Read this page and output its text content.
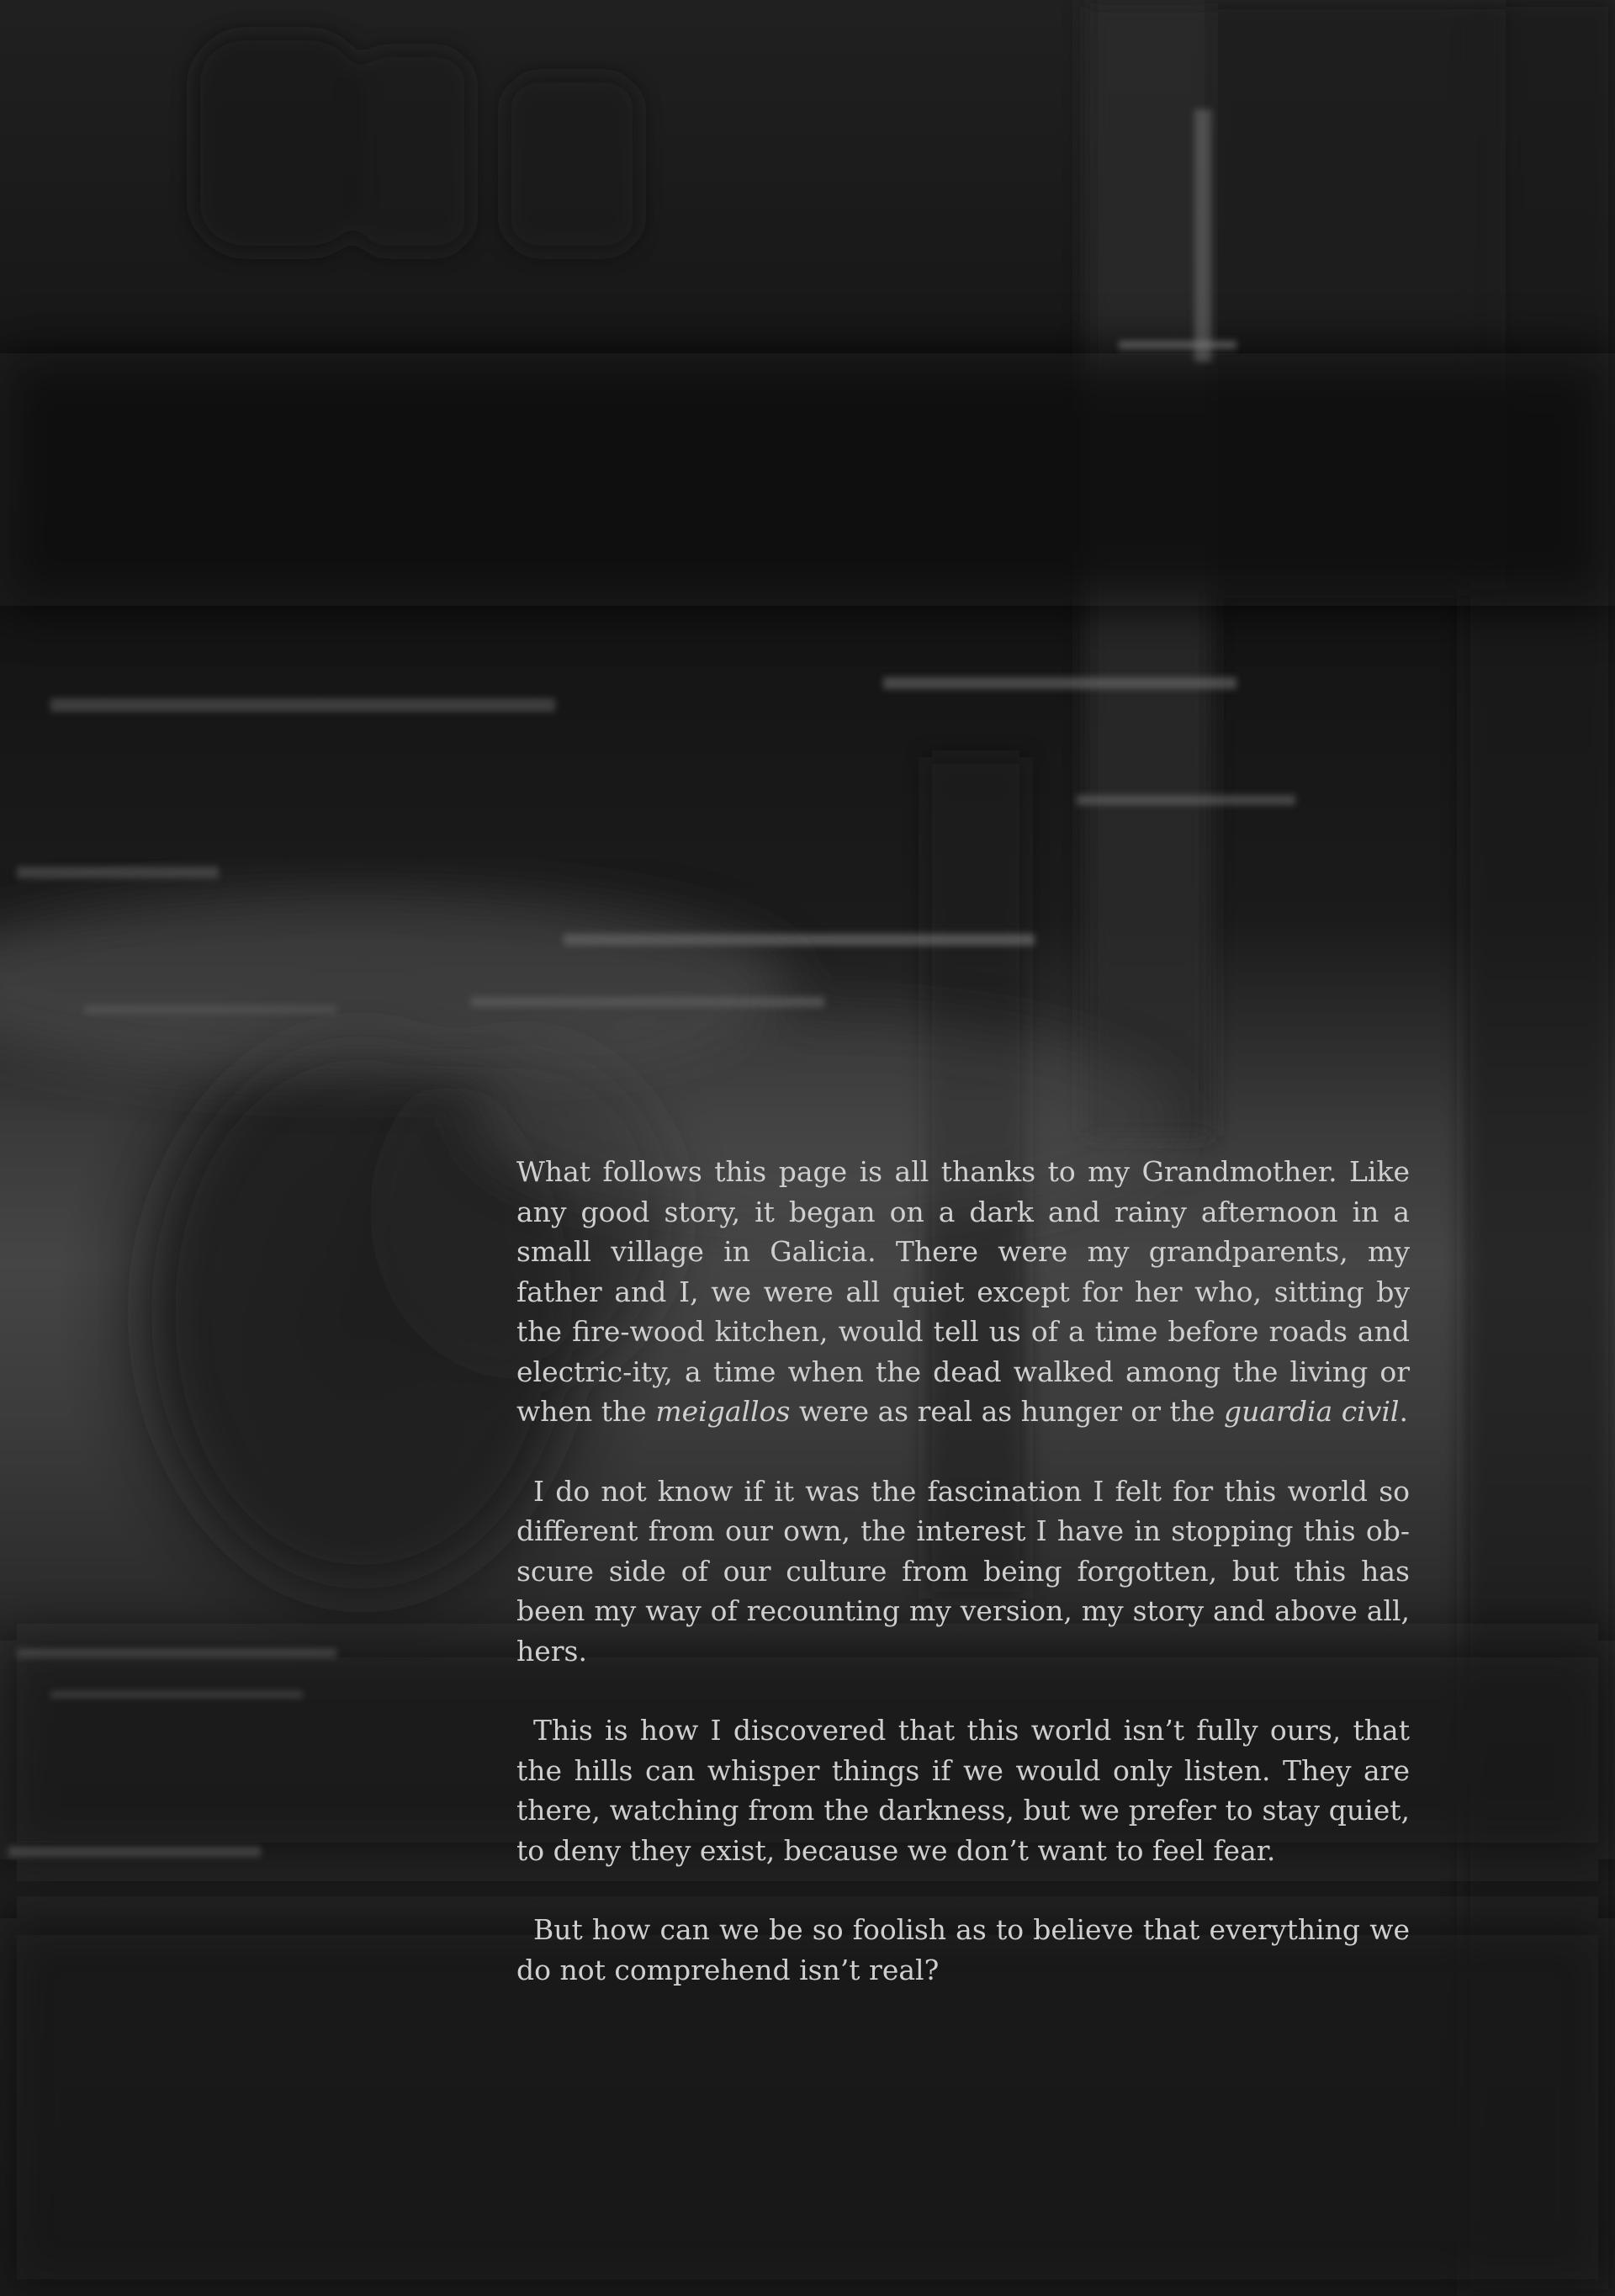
What follows this page is all thanks to my Grandmother. Like any good story, it began on a dark and rainy afternoon in a small village in Galicia. There were my grandparents, my father and I, we were all quiet except for her who, sitting by the fire-wood kitchen, would tell us of a time before roads and electric-ity, a time when the dead walked among the living or when the meigallos were as real as hunger or the guardia civil.

I do not know if it was the fascination I felt for this world so different from our own, the interest I have in stopping this ob-scure side of our culture from being forgotten, but this has been my way of recounting my version, my story and above all, hers.

This is how I discovered that this world isn’t fully ours, that the hills can whisper things if we would only listen. They are there, watching from the darkness, but we prefer to stay quiet, to deny they exist, because we don’t want to feel fear.

But how can we be so foolish as to believe that everything we do not comprehend isn’t real?
